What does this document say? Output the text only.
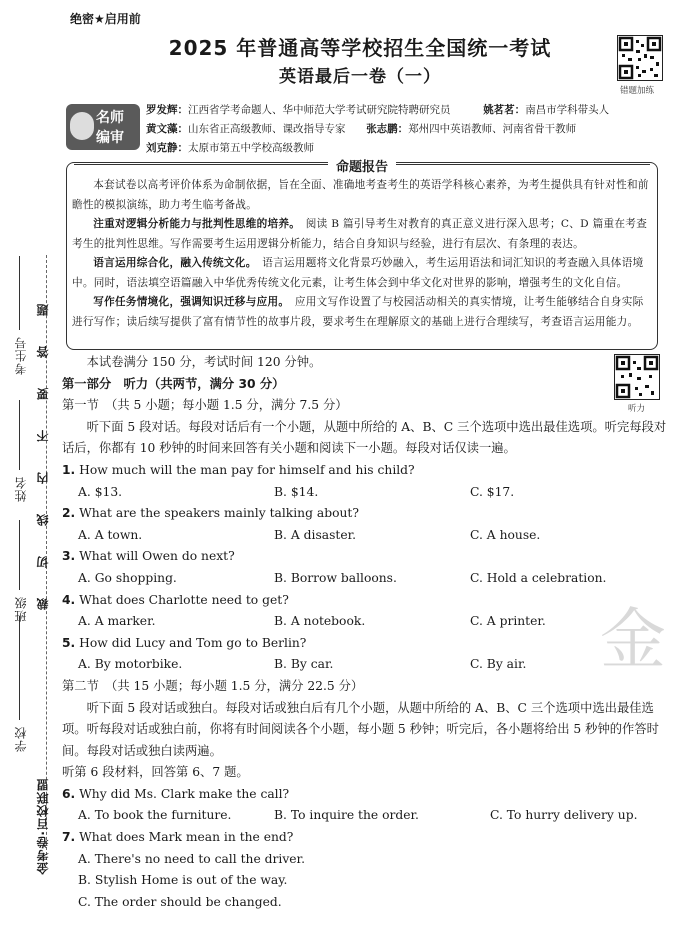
学校
班级
姓名
考生号
题
答
要
不
内
线
切
裁
金考卷·百校联盟
绝密★启用前
2025 年普通高等学校招生全国统一考试
英语最后一卷（一）
错题加练
名师
编审
罗发辉：江西省学考命题人、华中师范大学考试研究院特聘研究员	姚茗茗：南昌市学科带头人
黄文藻：山东省正高级教师、课改指导专家 张志鹏：郑州四中英语教师、河南省骨干教师
刘克静：太原市第五中学校高级教师
命题报告

本套试卷以高考评价体系为命制依据，旨在全面、准确地考查考生的英语学科核心素养，为考生提供具有针对性和前瞻性的模拟演练，助力考生临考备战。

注重对逻辑分析能力与批判性思维的培养。　 阅读 B 篇引导考生对教育的真正意义进行深入思考；C、D 篇重在考查考生的批判性思维。写作需要考生运用逻辑分析能力，结合自身知识与经验，进行有层次、有条理的表达。

语言运用综合化，融入传统文化。　 语言运用题将文化背景巧妙融入，考生运用语法和词汇知识的考查融入具体语境中。同时，语法填空语篇融入中华优秀传统文化元素，让考生体会到中华文化对世界的影响，增强考生的文化自信。

写作任务情境化，强调知识迁移与应用。　 应用文写作设置了与校园活动相关的真实情境，让考生能够结合自身实际进行写作；读后续写提供了富有情节性的故事片段，要求考生在理解原文的基础上进行合理续写，考查语言运用能力。

听力
本试卷满分 150 分，考试时间 120 分钟。
第一部分　听力（共两节，满分 30 分）
第一节　（共 5 小题；每小题 1.5 分，满分 7.5 分）
听下面 5 段对话。每段对话后有一个小题，从题中所给的 A、B、C 三个选项中选出最佳选项。听完每段对话后，你都有 10 秒钟的时间来回答有关小题和阅读下一小题。每段对话仅读一遍。
1. How much will the man pay for himself and his child?
A. $13.	B. $14.	C. $17.
2. What are the speakers mainly talking about?
A. A town.	B. A disaster.	C. A house.
3. What will Owen do next?
A. Go shopping.	B. Borrow balloons.	C. Hold a celebration.
4. What does Charlotte need to get?
A. A marker.	B. A notebook.	C. A printer.
5. How did Lucy and Tom go to Berlin?
A. By motorbike.	B. By car.	C. By air.
第二节　（共 15 小题；每小题 1.5 分，满分 22.5 分）
听下面 5 段对话或独白。每段对话或独白后有几个小题，从题中所给的 A、B、C 三个选项中选出最佳选项。听每段对话或独白前，你将有时间阅读各个小题，每小题 5 秒钟；听完后，各小题将给出 5 秒钟的作答时间。每段对话或独白读两遍。
听第 6 段材料，回答第 6、7 题。
6. Why did Ms. Clark make the call?
A. To book the furniture.	B. To inquire the order.	C. To hurry delivery up.
7. What does Mark mean in the end?
A. There's no need to call the driver.
B. Stylish Home is out of the way.
C. The order should be changed.
金
